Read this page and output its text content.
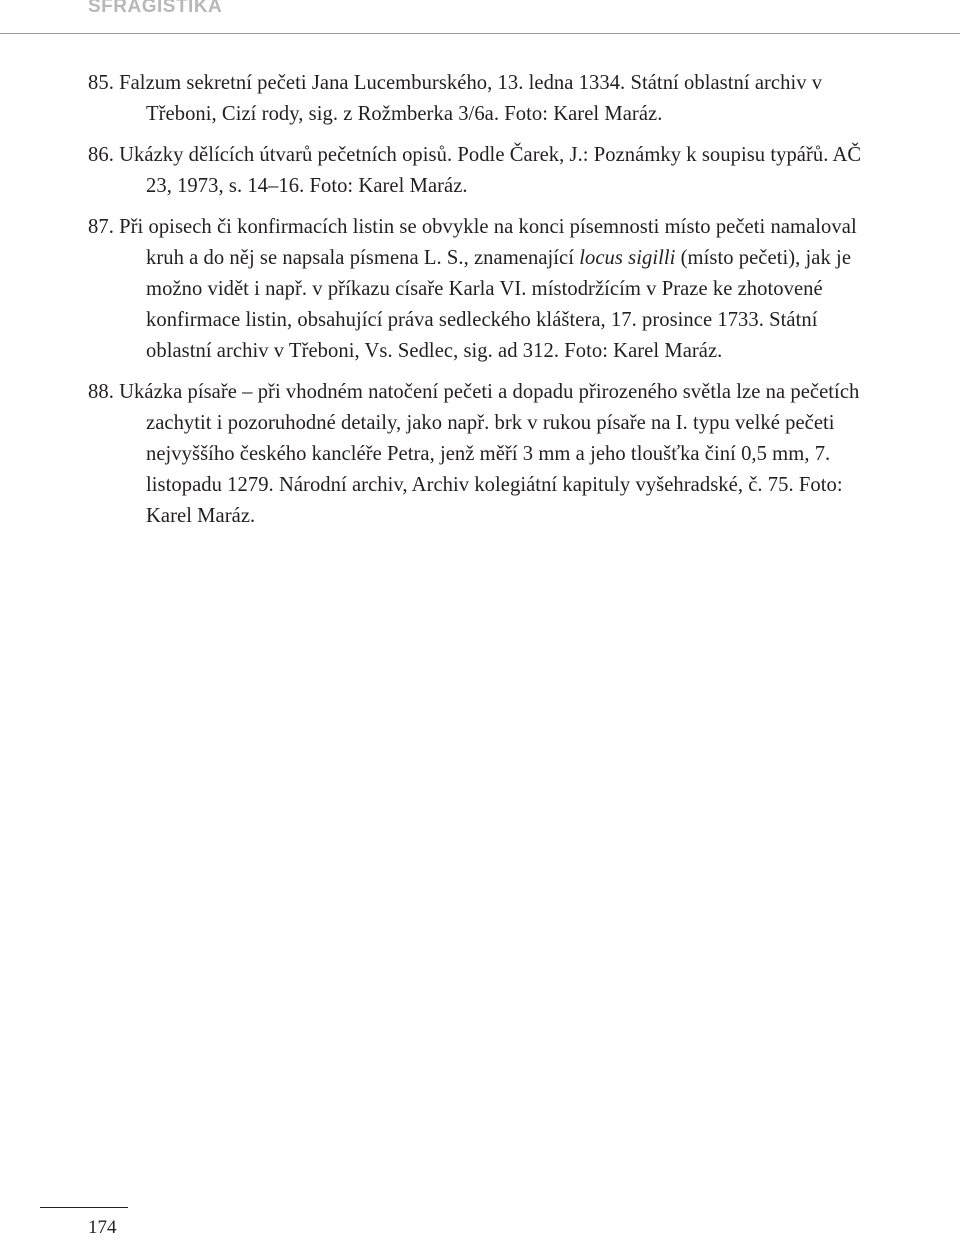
SFRAGISTIKA

85. Falzum sekretní pečeti Jana Lucemburského, 13. ledna 1334. Státní oblastní archiv v Třeboni, Cizí rody, sig. z Rožmberka 3/6a. Foto: Karel Maráz.

86. Ukázky dělících útvarů pečetních opisů. Podle Čarek, J.: Poznámky k soupisu typářů. AČ 23, 1973, s. 14–16. Foto: Karel Maráz.

87. Při opisech či konfirmacích listin se obvykle na konci písemnosti místo pečeti namaloval kruh a do něj se napsala písmena L. S., znamenající locus sigilli (místo pečeti), jak je možno vidět i např. v příkazu císaře Karla VI. místodržícím v Praze ke zhotovené konfirmace listin, obsahující práva sedleckého kláštera, 17. prosince 1733. Státní oblastní archiv v Třeboni, Vs. Sedlec, sig. ad 312. Foto: Karel Maráz.

88. Ukázka písaře – při vhodném natočení pečeti a dopadu přirozeného světla lze na pečetích zachytit i pozoruhodné detaily, jako např. brk v rukou písaře na I. typu velké pečeti nejvyššího českého kancléře Petra, jenž měří 3 mm a jeho tloušťka činí 0,5 mm, 7. listopadu 1279. Národní archiv, Archiv kolegiátní kapituly vyšehradské, č. 75. Foto: Karel Maráz.

174
